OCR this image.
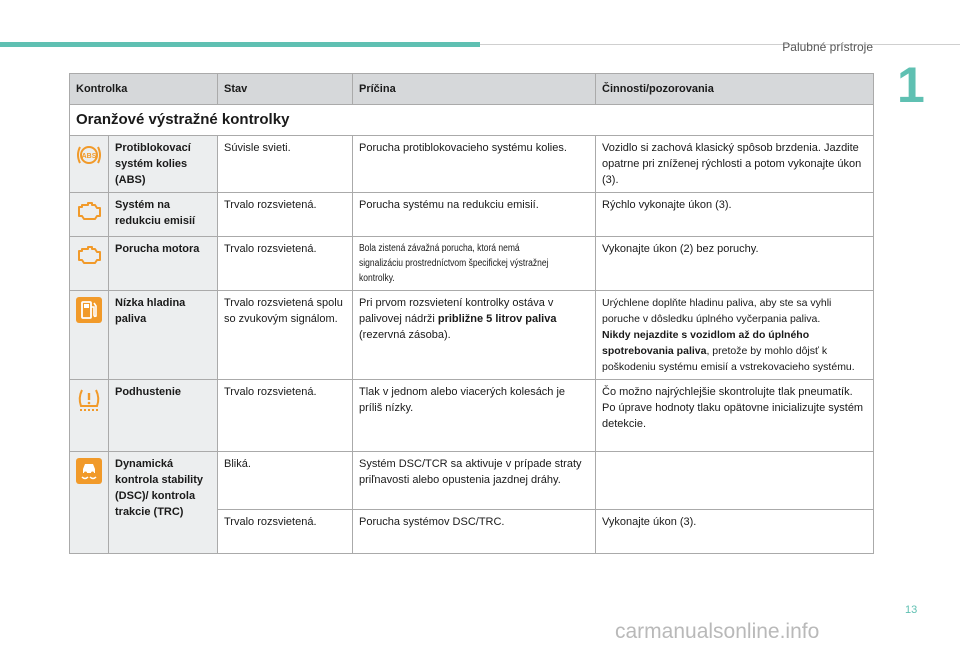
Palubné prístroje
1
Kontrolka		Stav	Príčina	Činnosti/pozorovania
Oranžové výstražné kontrolky				

ABS	Protiblokovací systém kolies (ABS)	Súvisle svieti.	Porucha protiblokovacieho systému kolies.	Vozidlo si zachová klasický spôsob brzdenia. Jazdite opatrne pri zníženej rýchlosti a potom vykonajte úkon (3).
	Systém na redukciu emisií	Trvalo rozsvietená.	Porucha systému na redukciu emisií.	Rýchlo vykonajte úkon (3).
	Porucha motora	Trvalo rozsvietená.	Bola zistená závažná porucha, ktorá nemá signalizáciu prostredníctvom špecifickej výstražnej kontrolky.	Vykonajte úkon (2) bez poruchy.
	Nízka hladina paliva	Trvalo rozsvietená spolu so zvukovým signálom.	Pri prvom rozsvietení kontrolky ostáva v palivovej nádrži približne 5 litrov paliva (rezervná zásoba).	Urýchlene doplňte hladinu paliva, aby ste sa vyhli poruche v dôsledku úplného vyčerpania paliva.
Nikdy nejazdite s vozidlom až do úplného spotrebovania paliva, pretože by mohlo dôjsť k poškodeniu systému emisií a vstrekovacieho systému.
	Podhustenie	Trvalo rozsvietená.	Tlak v jednom alebo viacerých kolesách je príliš nízky.	Čo možno najrýchlejšie skontrolujte tlak pneumatík. Po úprave hodnoty tlaku opätovne inicializujte systém detekcie.
	Dynamická kontrola stability (DSC)/ kontrola trakcie (TRC)	Bliká.	Systém DSC/TCR sa aktivuje v prípade straty priľnavosti alebo opustenia jazdnej dráhy.	
		Trvalo rozsvietená.	Porucha systémov DSC/TRC.	Vykonajte úkon (3).
13
carmanualsonline.info
